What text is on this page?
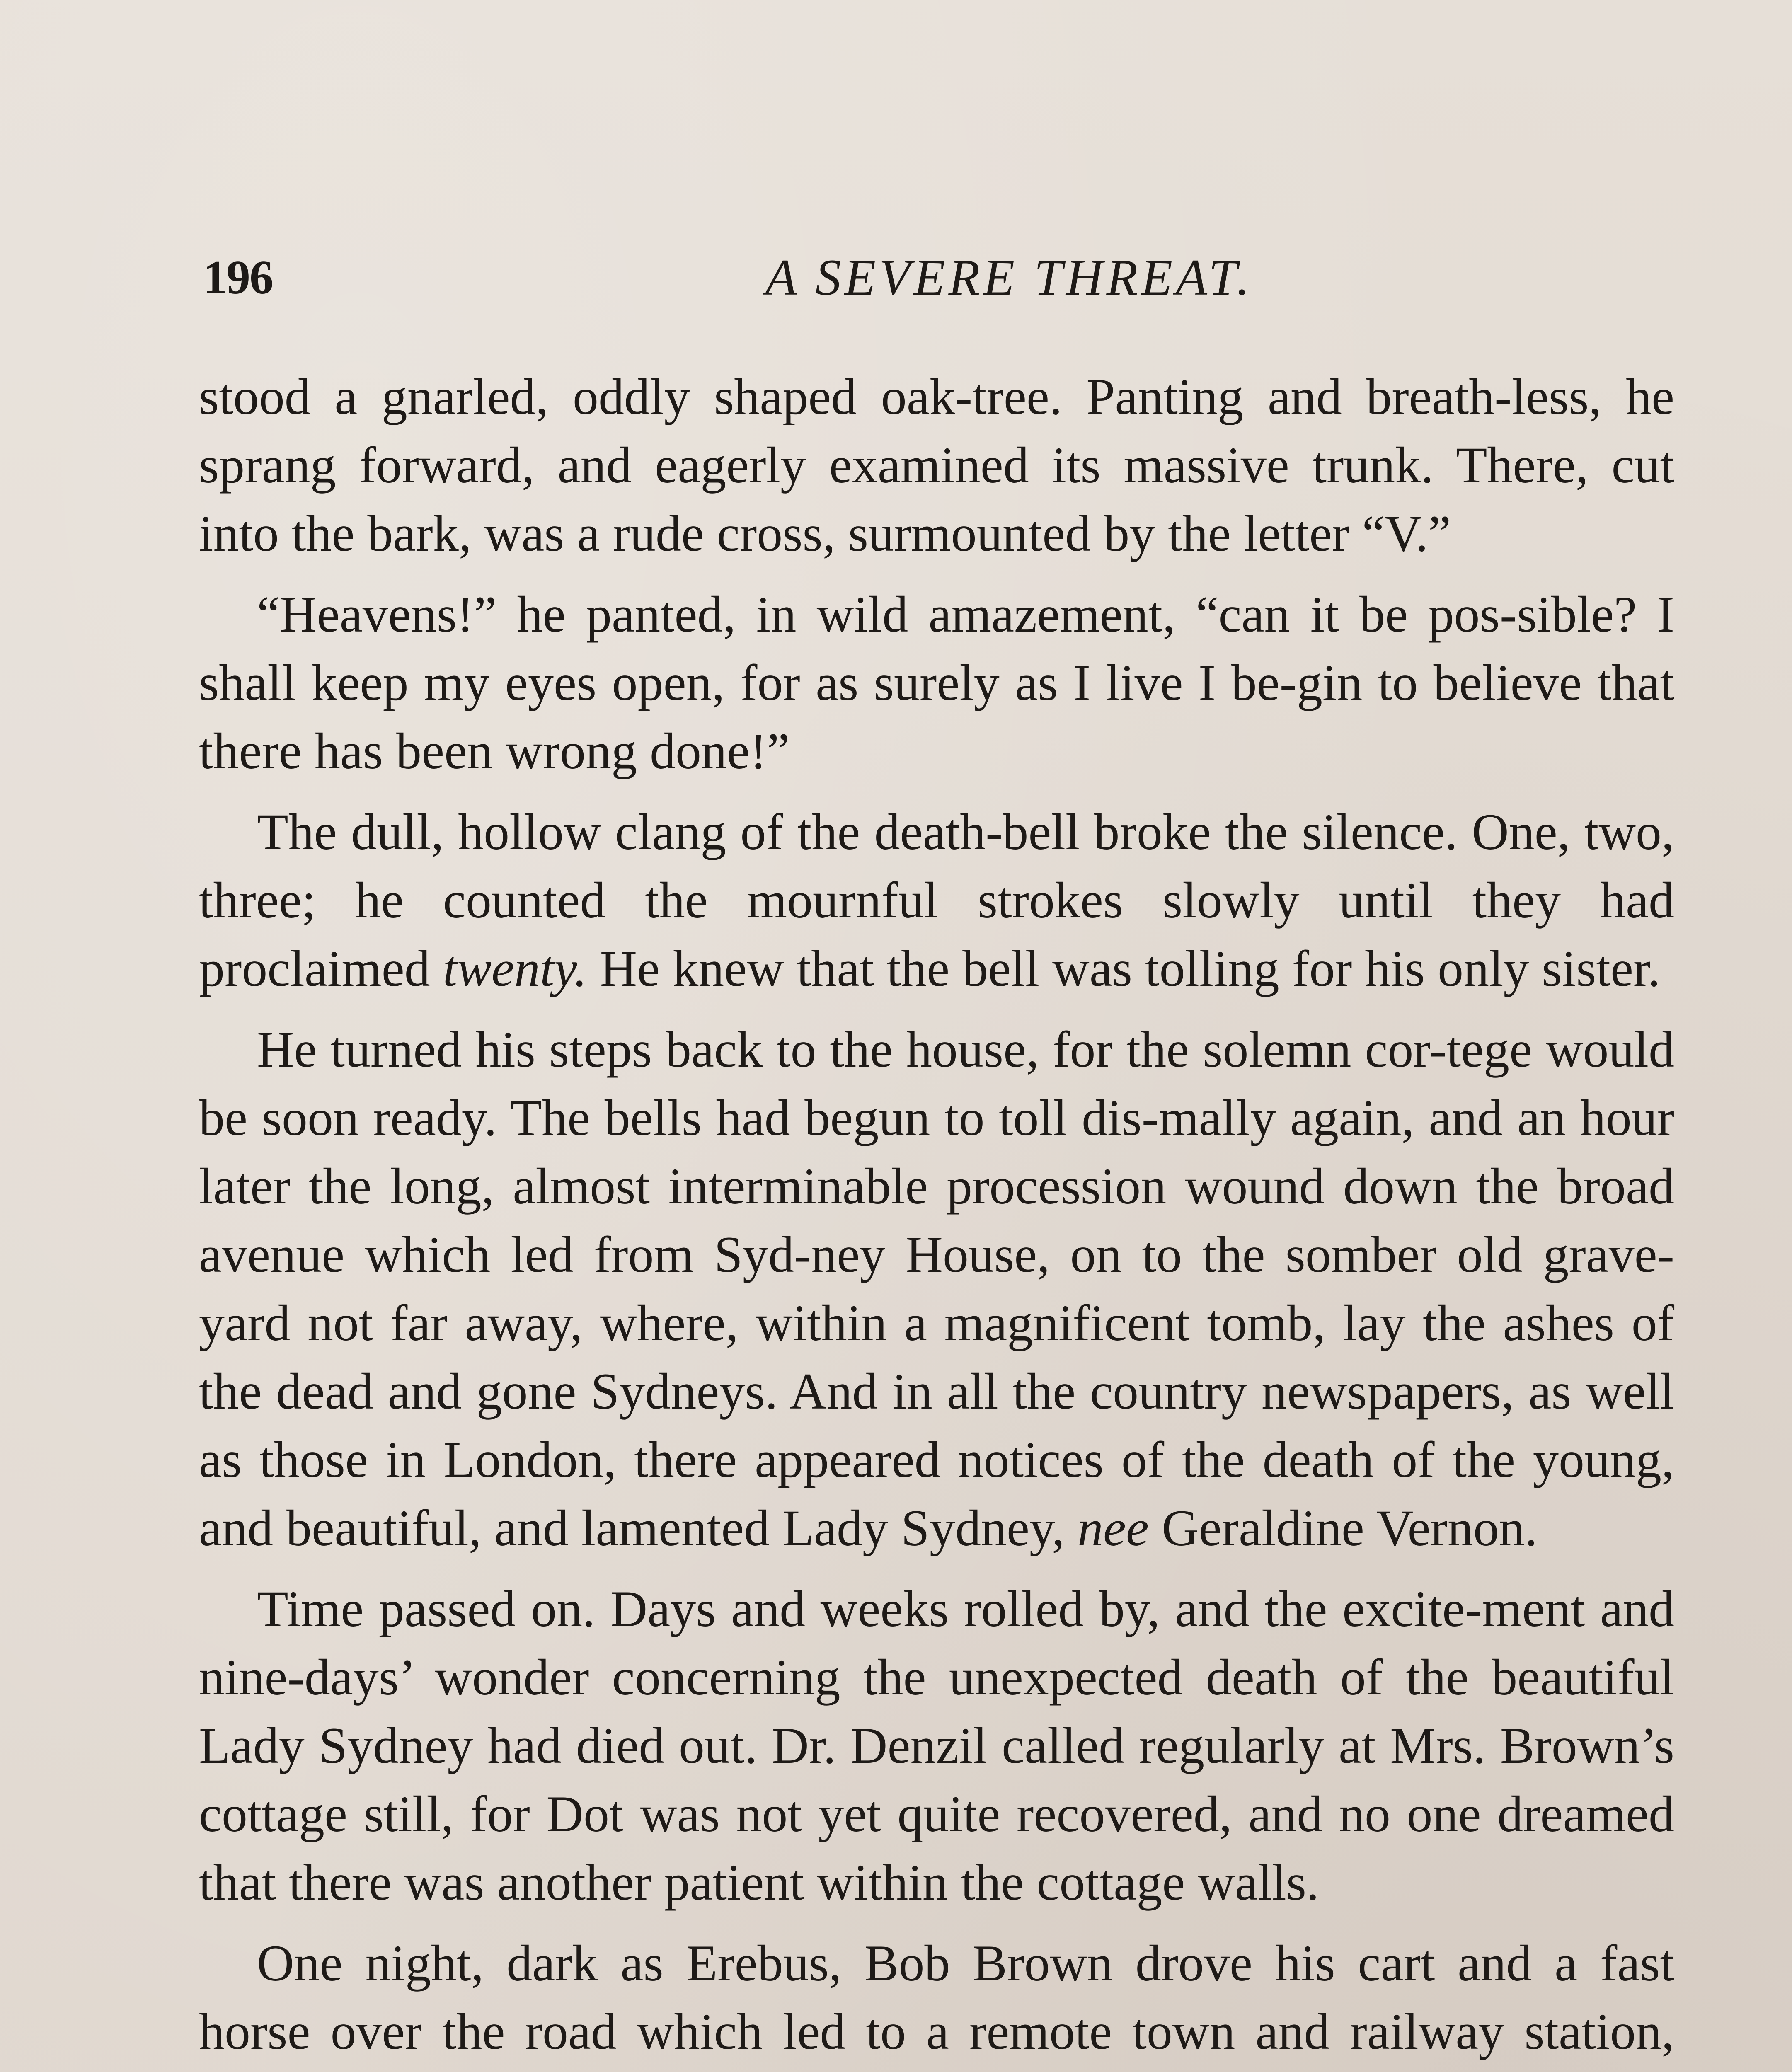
196	A SEVERE THREAT.

stood a gnarled, oddly shaped oak-tree. Panting and breath-less, he sprang forward, and eagerly examined its massive trunk. There, cut into the bark, was a rude cross, surmounted by the letter “V.”

“Heavens!” he panted, in wild amazement, “can it be pos-sible? I shall keep my eyes open, for as surely as I live I be-gin to believe that there has been wrong done!”

The dull, hollow clang of the death-bell broke the silence. One, two, three; he counted the mournful strokes slowly until they had proclaimed twenty. He knew that the bell was tolling for his only sister.

He turned his steps back to the house, for the solemn cor-tege would be soon ready. The bells had begun to toll dis-mally again, and an hour later the long, almost interminable procession wound down the broad avenue which led from Syd-ney House, on to the somber old grave-yard not far away, where, within a magnificent tomb, lay the ashes of the dead and gone Sydneys. And in all the country newspapers, as well as those in London, there appeared notices of the death of the young, and beautiful, and lamented Lady Sydney, nee Geraldine Vernon.

Time passed on. Days and weeks rolled by, and the excite-ment and nine-days’ wonder concerning the unexpected death of the beautiful Lady Sydney had died out. Dr. Denzil called regularly at Mrs. Brown’s cottage still, for Dot was not yet quite recovered, and no one dreamed that there was another patient within the cottage walls.

One night, dark as Erebus, Bob Brown drove his cart and a fast horse over the road which led to a remote town and railway station,
